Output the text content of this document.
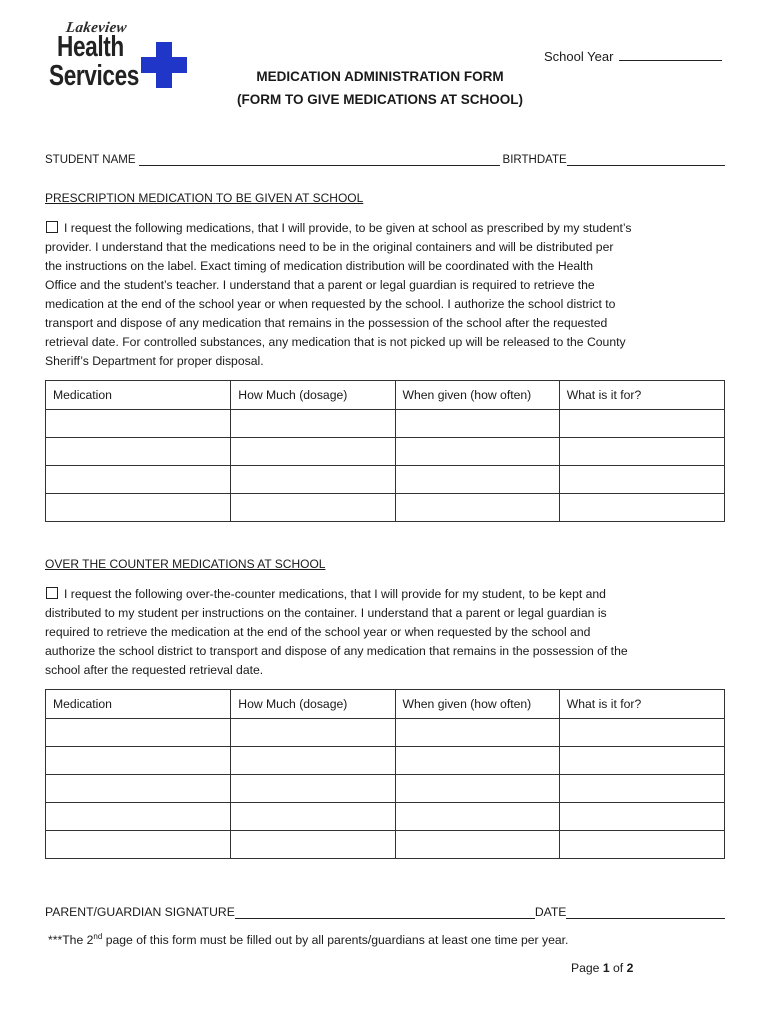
Lakeview
Health
Services
School Year
MEDICATION ADMINISTRATION FORM
(FORM TO GIVE MEDICATIONS AT SCHOOL)
STUDENT NAME	BIRTHDATE
PRESCRIPTION MEDICATION TO BE GIVEN AT SCHOOL
I request the following medications, that I will provide, to be given at school as prescribed by my student’s
provider. I understand that the medications need to be in the original containers and will be distributed per
the instructions on the label. Exact timing of medication distribution will be coordinated with the Health
Office and the student’s teacher. I understand that a parent or legal guardian is required to retrieve the
medication at the end of the school year or when requested by the school. I authorize the school district to
transport and dispose of any medication that remains in the possession of the school after the requested
retrieval date. For controlled substances, any medication that is not picked up will be released to the County
Sheriff’s Department for proper disposal.
Medication	How Much (dosage)	When given (how often)	What is it for?

OVER THE COUNTER MEDICATIONS AT SCHOOL
I request the following over-the-counter medications, that I will provide for my student, to be kept and
distributed to my student per instructions on the container. I understand that a parent or legal guardian is
required to retrieve the medication at the end of the school year or when requested by the school and
authorize the school district to transport and dispose of any medication that remains in the possession of the
school after the requested retrieval date.
Medication	How Much (dosage)	When given (how often)	What is it for?

PARENT/GUARDIAN SIGNATURE	DATE
***The 2nd page of this form must be filled out by all parents/guardians at least one time per year.
Page 1 of 2
